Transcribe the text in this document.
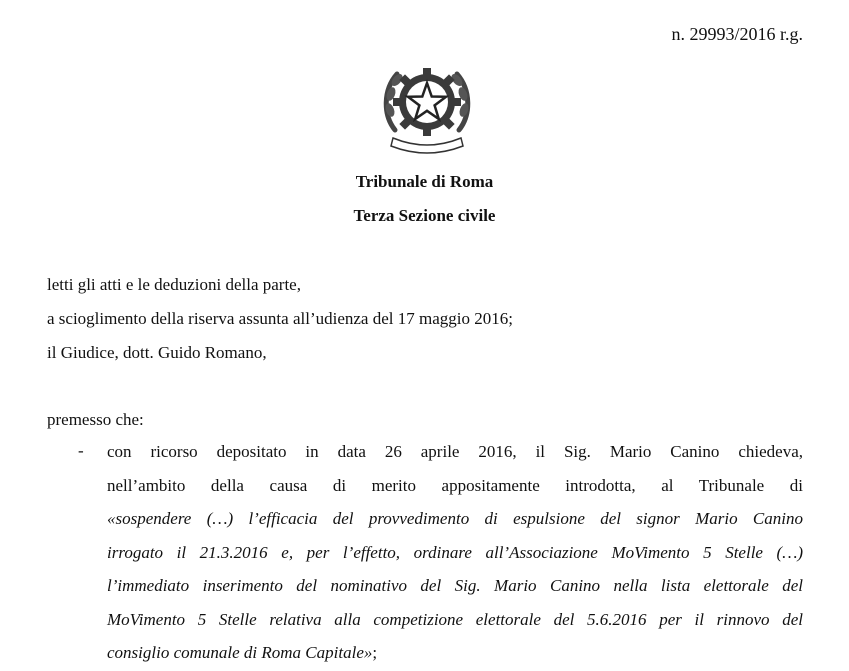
n. 29993/2016 r.g.
Tribunale di Roma
Terza Sezione civile
letti gli atti e le deduzioni della parte,
a scioglimento della riserva assunta all’udienza del 17 maggio 2016;
il Giudice, dott. Guido Romano,
premesso che:
- con ricorso depositato in data 26 aprile 2016, il Sig. Mario Canino chiedeva,
nell’ambito della causa di merito appositamente introdotta, al Tribunale di
«sospendere (…) l’efficacia del provvedimento di espulsione del signor Mario Canino
irrogato il 21.3.2016 e, per l’effetto, ordinare all’Associazione MoVimento 5 Stelle (…)
l’immediato inserimento del nominativo del Sig. Mario Canino nella lista elettorale del
MoVimento 5 Stelle relativa alla competizione elettorale del 5.6.2016 per il rinnovo del
consiglio comunale di Roma Capitale»;
